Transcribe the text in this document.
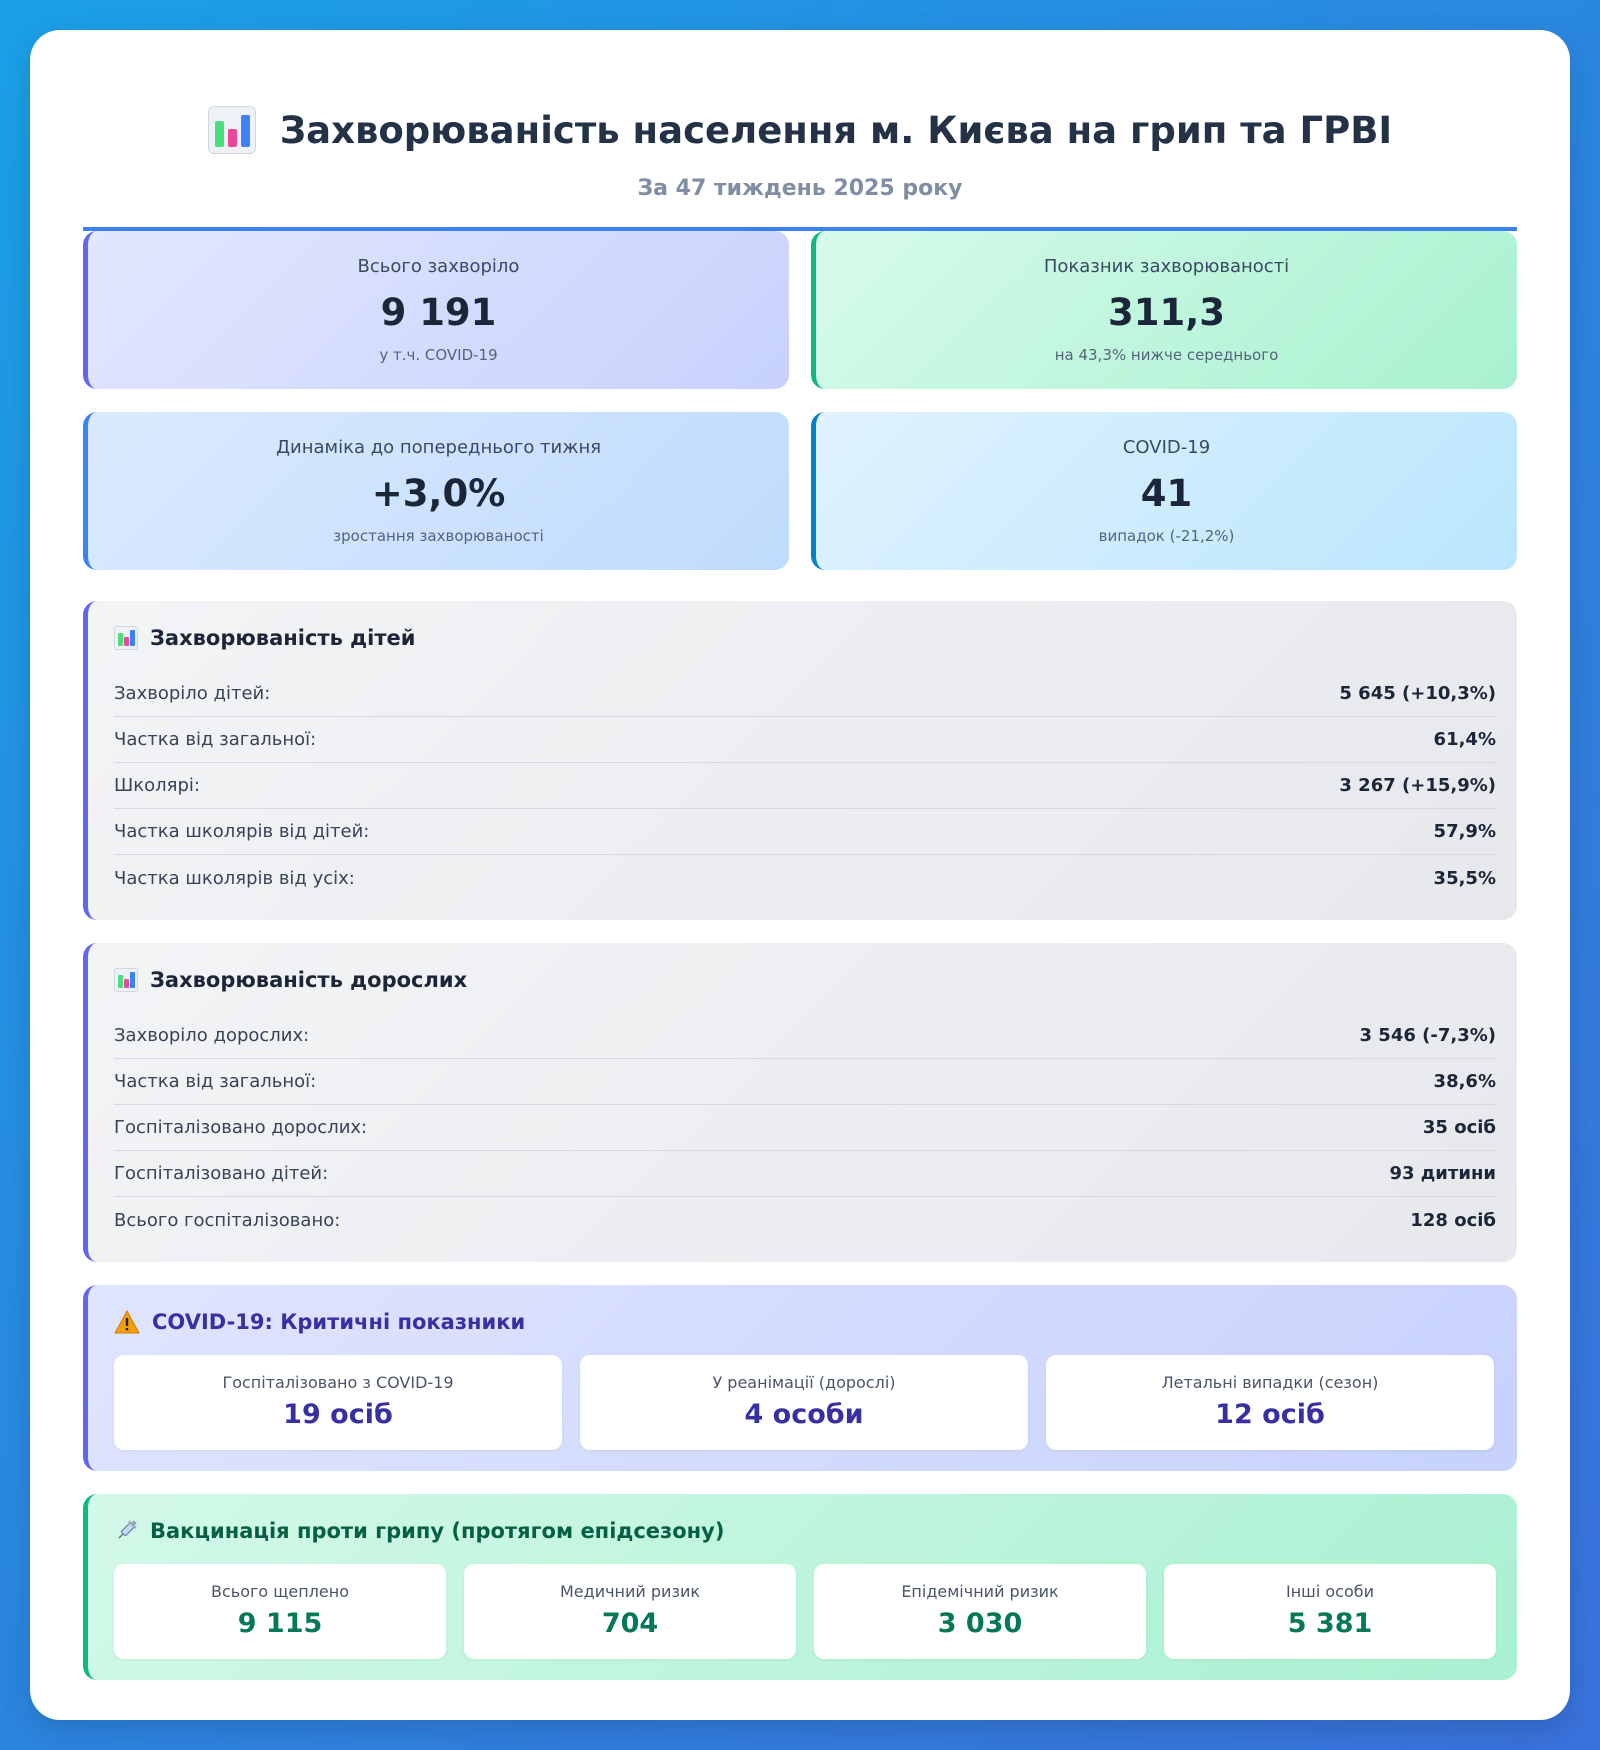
Захворюваність населення м. Києва на грип та ГРВІ
За 47 тиждень 2025 року
Всього захворіло
9 191
у т.ч. COVID-19
Показник захворюваності
311,3
на 43,3% нижче середнього
Динаміка до попереднього тижня
+3,0%
зростання захворюваності
COVID-19
41
випадок (-21,2%)
Захворюваність дітей
Захворіло дітей:	5 645 (+10,3%)
Частка від загальної:	61,4%
Школярі:	3 267 (+15,9%)
Частка школярів від дітей:	57,9%
Частка школярів від усіх:	35,5%
Захворюваність дорослих
Захворіло дорослих:	3 546 (-7,3%)
Частка від загальної:	38,6%
Госпіталізовано дорослих:	35 осіб
Госпіталізовано дітей:	93 дитини
Всього госпіталізовано:	128 осіб
COVID-19: Критичні показники
Госпіталізовано з COVID-19
19 осіб
У реанімації (дорослі)
4 особи
Летальні випадки (сезон)
12 осіб
Вакцинація проти грипу (протягом епідсезону)
Всього щеплено
9 115
Медичний ризик
704
Епідемічний ризик
3 030
Інші особи
5 381
